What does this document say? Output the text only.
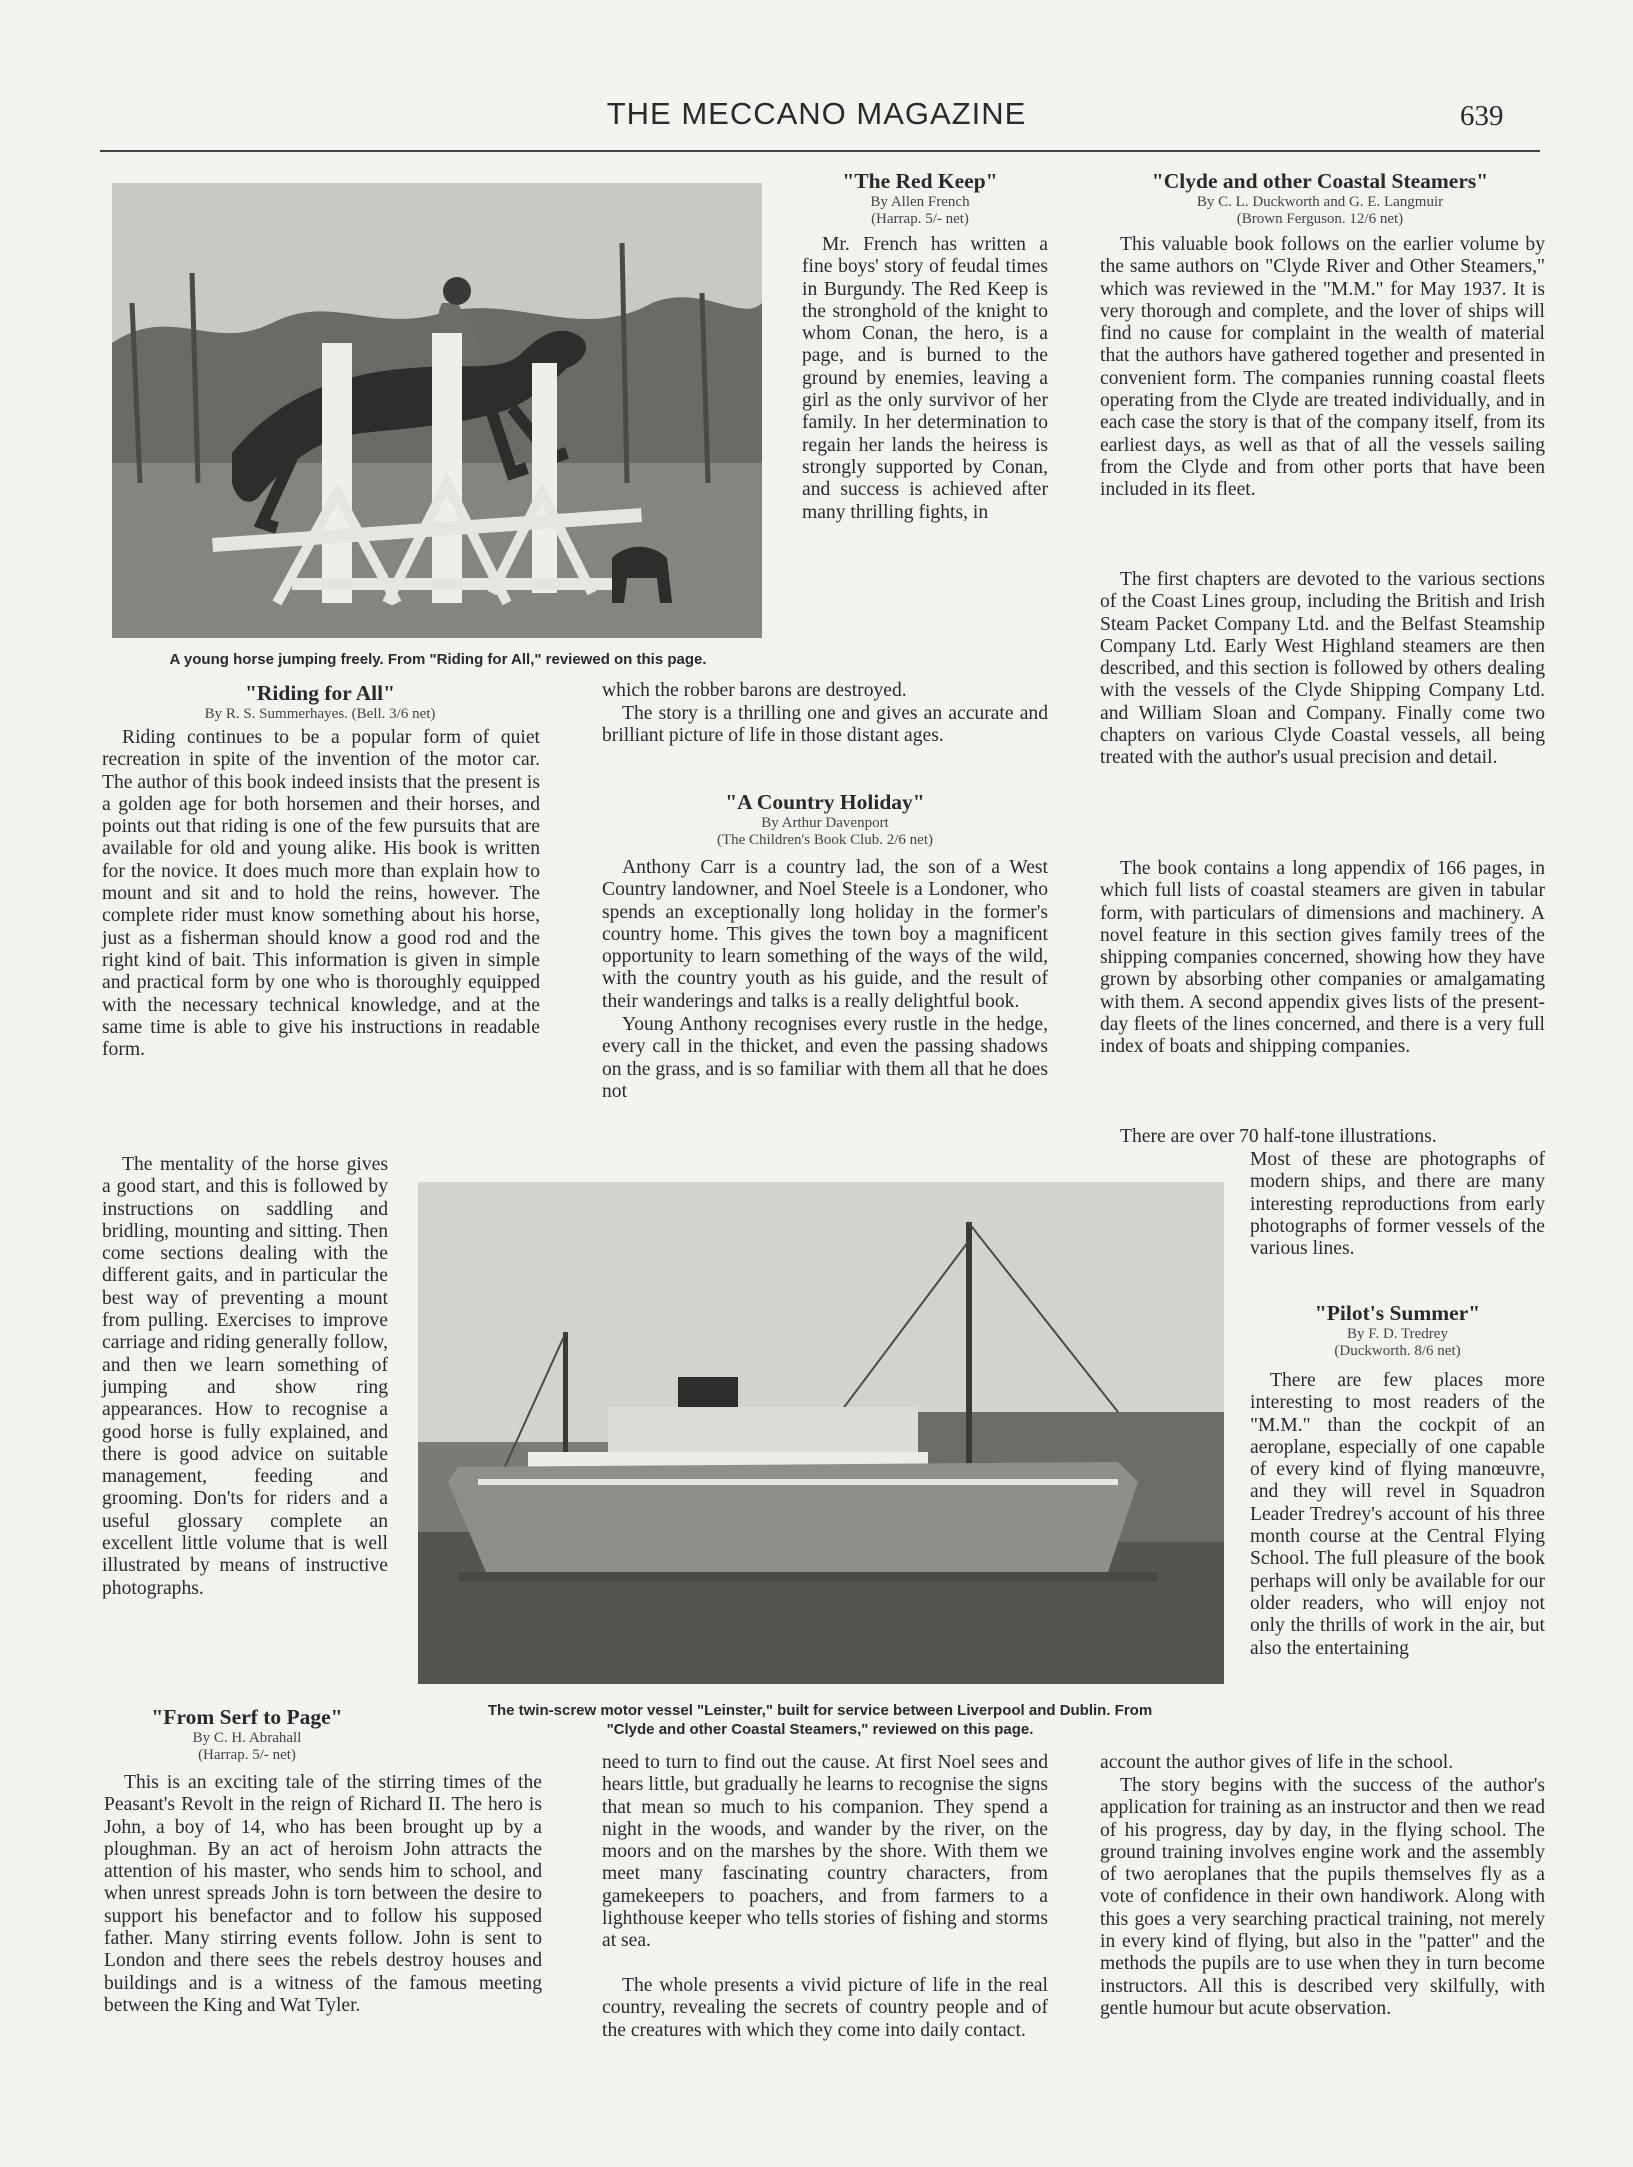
THE MECCANO MAGAZINE	639
A young horse jumping freely. From "Riding for All," reviewed on this page.
"Riding for All"
By R. S. Summerhayes. (Bell. 3/6 net)

Riding continues to be a popular form of quiet recreation in spite of the invention of the motor car. The author of this book indeed insists that the present is a golden age for both horsemen and their horses, and points out that riding is one of the few pursuits that are available for old and young alike. His book is written for the novice. It does much more than explain how to mount and sit and to hold the reins, however. The complete rider must know something about his horse, just as a fisherman should know a good rod and the right kind of bait. This information is given in simple and practical form by one who is thoroughly equipped with the necessary technical knowledge, and at the same time is able to give his instructions in readable form.

The mentality of the horse gives a good start, and this is followed by instructions on saddling and bridling, mounting and sitting. Then come sections dealing with the different gaits, and in particular the best way of preventing a mount from pulling. Exercises to improve carriage and riding generally follow, and then we learn something of jumping and show ring appearances. How to recognise a good horse is fully explained, and there is good advice on suitable management, feeding and grooming. Don'ts for riders and a useful glossary complete an excellent little volume that is well illustrated by means of instructive photographs.

"From Serf to Page"
By C. H. Abrahall
(Harrap. 5/- net)

This is an exciting tale of the stirring times of the Peasant's Revolt in the reign of Richard II. The hero is John, a boy of 14, who has been brought up by a ploughman. By an act of heroism John attracts the attention of his master, who sends him to school, and when unrest spreads John is torn between the desire to support his benefactor and to follow his supposed father. Many stirring events follow. John is sent to London and there sees the rebels destroy houses and buildings and is a witness of the famous meeting between the King and Wat Tyler.

"The Red Keep"
By Allen French
(Harrap. 5/- net)

Mr. French has written a fine boys' story of feudal times in Burgundy. The Red Keep is the stronghold of the knight to whom Conan, the hero, is a page, and is burned to the ground by enemies, leaving a girl as the only survivor of her family. In her determination to regain her lands the heiress is strongly supported by Conan, and success is achieved after many thrilling fights, in

which the robber barons are destroyed.

The story is a thrilling one and gives an accurate and brilliant picture of life in those distant ages.

"A Country Holiday"
By Arthur Davenport
(The Children's Book Club. 2/6 net)

Anthony Carr is a country lad, the son of a West Country landowner, and Noel Steele is a Londoner, who spends an exceptionally long holiday in the former's country home. This gives the town boy a magnificent opportunity to learn something of the ways of the wild, with the country youth as his guide, and the result of their wanderings and talks is a really delightful book.

Young Anthony recognises every rustle in the hedge, every call in the thicket, and even the passing shadows on the grass, and is so familiar with them all that he does not

need to turn to find out the cause. At first Noel sees and hears little, but gradually he learns to recognise the signs that mean so much to his companion. They spend a night in the woods, and wander by the river, on the moors and on the marshes by the shore. With them we meet many fascinating country characters, from gamekeepers to poachers, and from farmers to a lighthouse keeper who tells stories of fishing and storms at sea.

The whole presents a vivid picture of life in the real country, revealing the secrets of country people and of the creatures with which they come into daily contact.

The twin-screw motor vessel "Leinster," built for service between Liverpool and Dublin. From
"Clyde and other Coastal Steamers," reviewed on this page.
"Clyde and other Coastal Steamers"
By C. L. Duckworth and G. E. Langmuir
(Brown Ferguson. 12/6 net)

This valuable book follows on the earlier volume by the same authors on "Clyde River and Other Steamers," which was reviewed in the "M.M." for May 1937. It is very thorough and complete, and the lover of ships will find no cause for complaint in the wealth of material that the authors have gathered together and presented in convenient form. The companies running coastal fleets operating from the Clyde are treated individually, and in each case the story is that of the company itself, from its earliest days, as well as that of all the vessels sailing from the Clyde and from other ports that have been included in its fleet.

The first chapters are devoted to the various sections of the Coast Lines group, including the British and Irish Steam Packet Company Ltd. and the Belfast Steamship Company Ltd. Early West Highland steamers are then described, and this section is followed by others dealing with the vessels of the Clyde Shipping Company Ltd. and William Sloan and Company. Finally come two chapters on various Clyde Coastal vessels, all being treated with the author's usual precision and detail.

The book contains a long appendix of 166 pages, in which full lists of coastal steamers are given in tabular form, with particulars of dimensions and machinery. A novel feature in this section gives family trees of the shipping companies concerned, showing how they have grown by absorbing other companies or amalgamating with them. A second appendix gives lists of the present-day fleets of the lines concerned, and there is a very full index of boats and shipping companies.

There are over 70 half-tone illustrations.

Most of these are photographs of modern ships, and there are many interesting reproductions from early photographs of former vessels of the various lines.

"Pilot's Summer"
By F. D. Tredrey
(Duckworth. 8/6 net)

There are few places more interesting to most readers of the "M.M." than the cockpit of an aeroplane, especially of one capable of every kind of flying manœuvre, and they will revel in Squadron Leader Tredrey's account of his three month course at the Central Flying School. The full pleasure of the book perhaps will only be available for our older readers, who will enjoy not only the thrills of work in the air, but also the entertaining

account the author gives of life in the school.

The story begins with the success of the author's application for training as an instructor and then we read of his progress, day by day, in the flying school. The ground training involves engine work and the assembly of two aeroplanes that the pupils themselves fly as a vote of confidence in their own handiwork. Along with this goes a very searching practical training, not merely in every kind of flying, but also in the "patter" and the methods the pupils are to use when they in turn become instructors. All this is described very skilfully, with gentle humour but acute observation.
